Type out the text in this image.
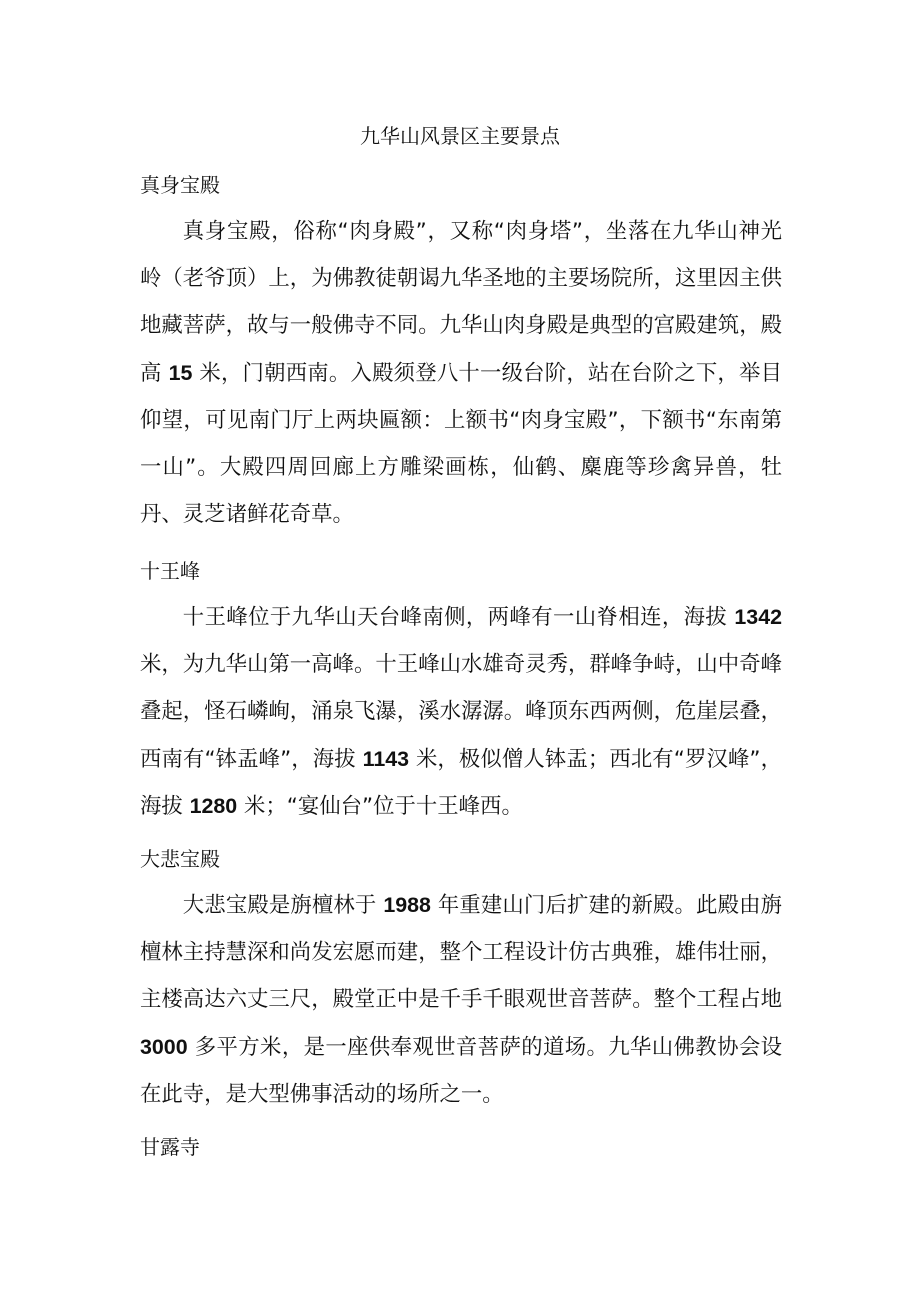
九华山风景区主要景点
真身宝殿

真身宝殿，俗称“肉身殿”，又称“肉身塔”，坐落在九华山神光岭（老爷顶）上，为佛教徒朝谒九华圣地的主要场院所，这里因主供地藏菩萨，故与一般佛寺不同。九华山肉身殿是典型的宫殿建筑，殿高 15 米，门朝西南。入殿须登八十一级台阶，站在台阶之下，举目仰望，可见南门厅上两块匾额：上额书“肉身宝殿”，下额书“东南第一山”。大殿四周回廊上方雕梁画栋，仙鹤、麋鹿等珍禽异兽，牡丹、灵芝诸鲜花奇草。

十王峰

十王峰位于九华山天台峰南侧，两峰有一山脊相连，海拔 1342 米，为九华山第一高峰。十王峰山水雄奇灵秀，群峰争峙，山中奇峰叠起，怪石嶙峋，涌泉飞瀑，溪水潺潺。峰顶东西两侧，危崖层叠，西南有“钵盂峰”，海拔 1143 米，极似僧人钵盂；西北有“罗汉峰”，海拔 1280 米；“宴仙台”位于十王峰西。

大悲宝殿

大悲宝殿是旃檀林于 1988 年重建山门后扩建的新殿。此殿由旃檀林主持慧深和尚发宏愿而建，整个工程设计仿古典雅，雄伟壮丽，主楼高达六丈三尺，殿堂正中是千手千眼观世音菩萨。整个工程占地 3000 多平方米，是一座供奉观世音菩萨的道场。九华山佛教协会设在此寺，是大型佛事活动的场所之一。

甘露寺
